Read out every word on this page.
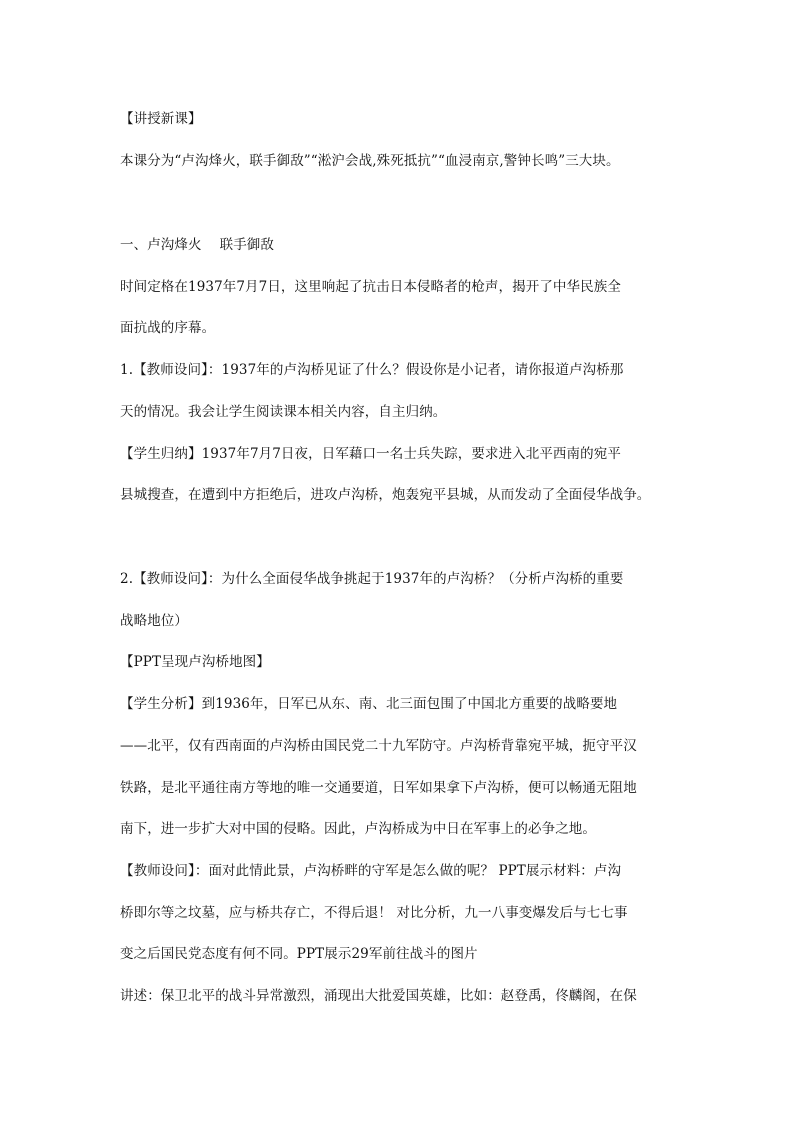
【讲授新课】
本课分为“卢沟烽火，联手御敌”“淞沪会战,殊死抵抗”“血浸南京,警钟长鸣”三大块。
一、卢沟烽火　 联手御敌
时间定格在1937年7月7日，这里响起了抗击日本侵略者的枪声，揭开了中华民族全
面抗战的序幕。
1.【教师设问】：1937年的卢沟桥见证了什么？假设你是小记者，请你报道卢沟桥那
天的情况。我会让学生阅读课本相关内容，自主归纳。
【学生归纳】1937年7月7日夜，日军藉口一名士兵失踪，要求进入北平西南的宛平
县城搜查，在遭到中方拒绝后，进攻卢沟桥，炮轰宛平县城，从而发动了全面侵华战争。
2.【教师设问】：为什么全面侵华战争挑起于1937年的卢沟桥？（分析卢沟桥的重要
战略地位）
【PPT呈现卢沟桥地图】
【学生分析】到1936年，日军已从东、南、北三面包围了中国北方重要的战略要地
——北平，仅有西南面的卢沟桥由国民党二十九军防守。卢沟桥背靠宛平城，扼守平汉
铁路，是北平通往南方等地的唯一交通要道，日军如果拿下卢沟桥，便可以畅通无阻地
南下，进一步扩大对中国的侵略。因此，卢沟桥成为中日在军事上的必争之地。
【教师设问】：面对此情此景，卢沟桥畔的守军是怎么做的呢？ PPT展示材料：卢沟
桥即尔等之坟墓，应与桥共存亡，不得后退！ 对比分析，九一八事变爆发后与七七事
变之后国民党态度有何不同。PPT展示29军前往战斗的图片
讲述：保卫北平的战斗异常激烈，涌现出大批爱国英雄，比如：赵登禹，佟麟阁，在保
